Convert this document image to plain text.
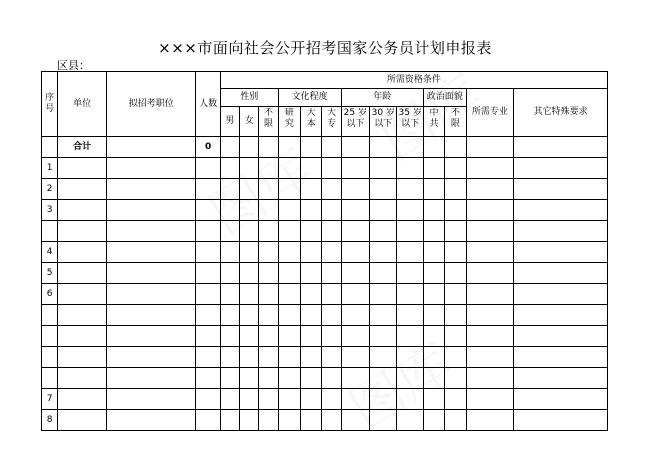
×××市面向社会公开招考国家公务员计划申报表
区县：
序号	单位	拟招考职位	人数	所需资格条件												
				性别			文化程度			年龄			政治面貌		所需专业	其它特殊要求
				男	女	不限	研究	大本	大专	25 岁以下	30 岁以下	35 岁以下	中共	不限		

	合计		0													
1																
2																
3																

4																
5																
6																

7																
8																
